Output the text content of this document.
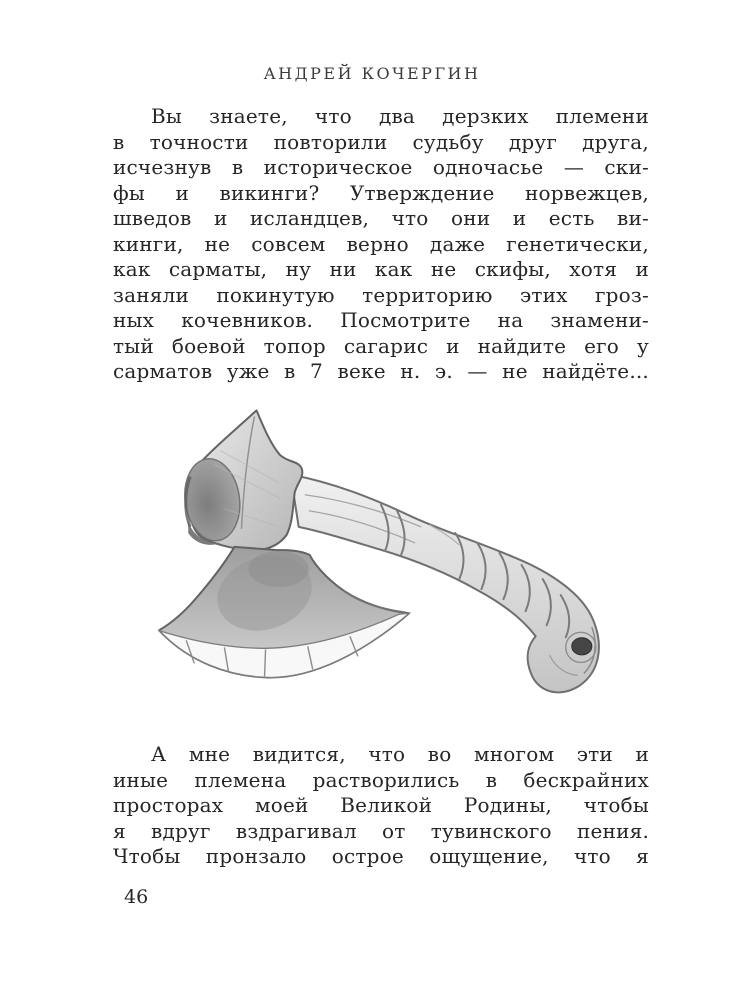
АНДРЕЙ КОЧЕРГИН
Вы знаете, что два дерзких племени
в точности повторили судьбу друг друга,
исчезнув в историческое одночасье — ски-
фы и викинги? Утверждение норвежцев,
шведов и исландцев, что они и есть ви-
кинги, не совсем верно даже генетически,
как сарматы, ну ни как не скифы, хотя и
заняли покинутую территорию этих гроз-
ных кочевников. Посмотрите на знамени-
тый боевой топор сагарис и найдите его у
сарматов уже в 7 веке н. э. — не найдёте...
А мне видится, что во многом эти и
иные племена растворились в бескрайних
просторах моей Великой Родины, чтобы
я вдруг вздрагивал от тувинского пения.
Чтобы пронзало острое ощущение, что я
46
